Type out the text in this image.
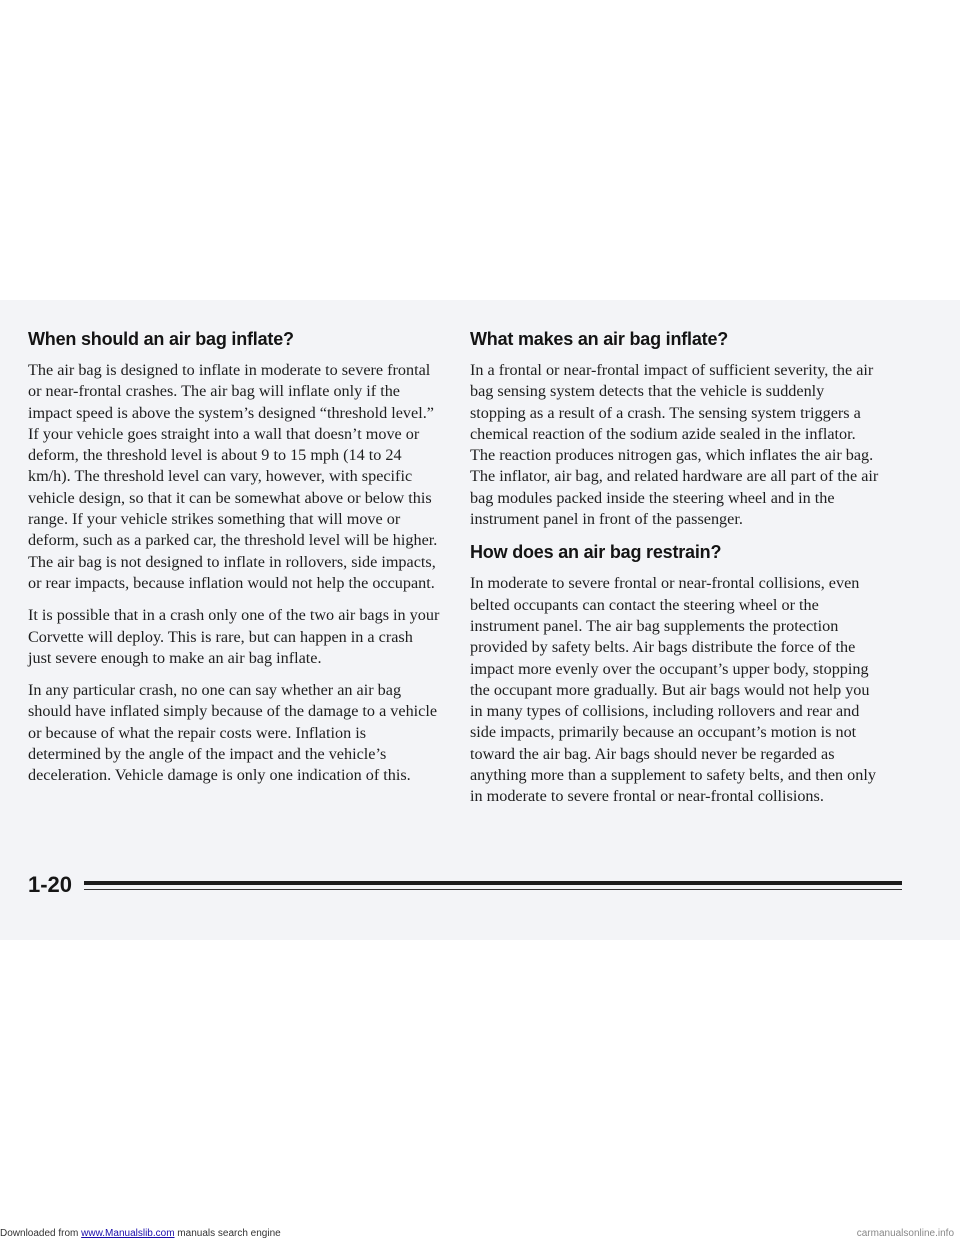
When should an air bag inflate?

The air bag is designed to inflate in moderate to severe frontal or near-frontal crashes. The air bag will inflate only if the impact speed is above the system’s designed “threshold level.” If your vehicle goes straight into a wall that doesn’t move or deform, the threshold level is about 9 to 15 mph (14 to 24 km/h). The threshold level can vary, however, with specific vehicle design, so that it can be somewhat above or below this range. If your vehicle strikes something that will move or deform, such as a parked car, the threshold level will be higher. The air bag is not designed to inflate in rollovers, side impacts, or rear impacts, because inflation would not help the occupant.

It is possible that in a crash only one of the two air bags in your Corvette will deploy. This is rare, but can happen in a crash just severe enough to make an air bag inflate.

In any particular crash, no one can say whether an air bag should have inflated simply because of the damage to a vehicle or because of what the repair costs were. Inflation is determined by the angle of the impact and the vehicle’s deceleration. Vehicle damage is only one indication of this.

What makes an air bag inflate?

In a frontal or near-frontal impact of sufficient severity, the air bag sensing system detects that the vehicle is suddenly stopping as a result of a crash. The sensing system triggers a chemical reaction of the sodium azide sealed in the inflator. The reaction produces nitrogen gas, which inflates the air bag. The inflator, air bag, and related hardware are all part of the air bag modules packed inside the steering wheel and in the instrument panel in front of the passenger.

How does an air bag restrain?

In moderate to severe frontal or near-frontal collisions, even belted occupants can contact the steering wheel or the instrument panel. The air bag supplements the protection provided by safety belts. Air bags distribute the force of the impact more evenly over the occupant’s upper body, stopping the occupant more gradually. But air bags would not help you in many types of collisions, including rollovers and rear and side impacts, primarily because an occupant’s motion is not toward the air bag. Air bags should never be regarded as anything more than a supplement to safety belts, and then only in moderate to severe frontal or near-frontal collisions.

1-20
Downloaded from www.Manualslib.com manuals search engine	carmanualsonline.info
